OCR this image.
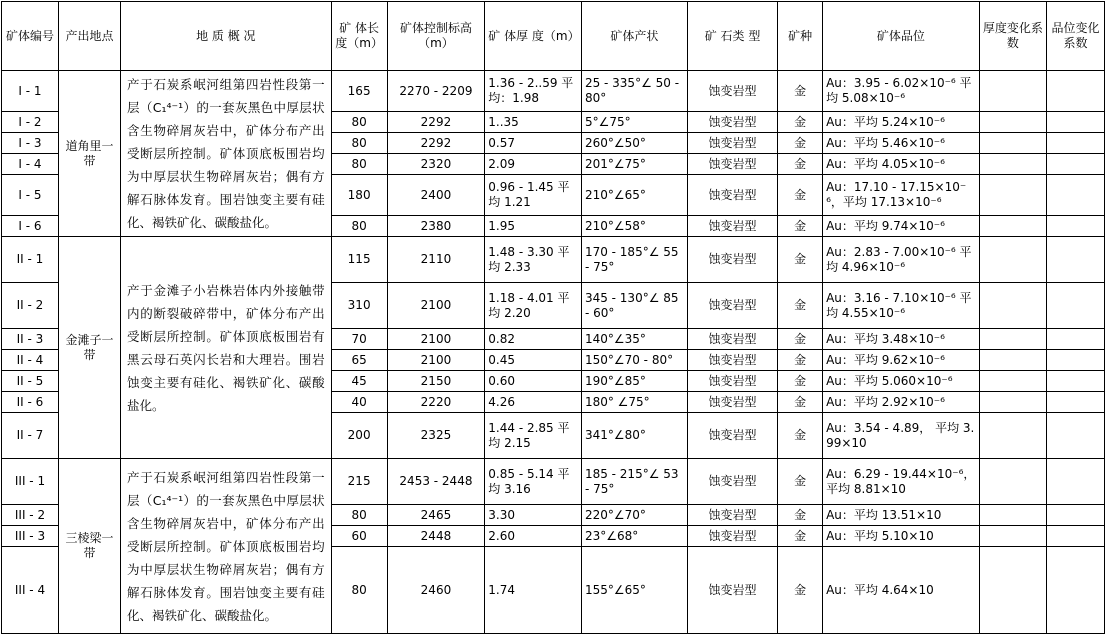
矿体编号	产出地点	地 质 概 况	矿 体长 度（m）	矿体控制标高（m）	矿 体厚 度（m）	矿体产状	矿 石类 型	矿种	矿体品位	厚度变化系数	品位变化系数
I - 1	道角里一带	产于石炭系岷河组第四岩性段第一层（C₁⁴⁻¹）的一套灰黑色中厚层状含生物碎屑灰岩中，矿体分布产出受断层所控制。矿体顶底板围岩均为中厚层状生物碎屑灰岩；偶有方解石脉体发育。围岩蚀变主要有硅化、褐铁矿化、碳酸盐化。	165	2270 - 2209	1.36 - 2..59 平均：1.98	25 - 335°∠ 50 - 80°	蚀变岩型	金	Au：3.95 - 6.02×10⁻⁶ 平均 5.08×10⁻⁶		
I - 2			80	2292	1..35	5°∠75°	蚀变岩型	金	Au：平均 5.24×10⁻⁶		
I - 3			80	2292	0.57	260°∠50°	蚀变岩型	金	Au：平均 5.46×10⁻⁶		
I - 4			80	2320	2.09	201°∠75°	蚀变岩型	金	Au：平均 4.05×10⁻⁶		
I - 5			180	2400	0.96 - 1.45 平均 1.21	210°∠65°	蚀变岩型	金	Au：17.10 - 17.15×10⁻⁶，平均 17.13×10⁻⁶		
I - 6			80	2380	1.95	210°∠58°	蚀变岩型	金	Au：平均 9.74×10⁻⁶		
II - 1	金滩子一带	产于金滩子小岩株岩体内外接触带内的断裂破碎带中，矿体分布产出受断层所控制。矿体顶底板围岩有黑云母石英闪长岩和大理岩。围岩蚀变主要有硅化、褐铁矿化、碳酸盐化。	115	2110	1.48 - 3.30 平均 2.33	170 - 185°∠ 55 - 75°	蚀变岩型	金	Au：2.83 - 7.00×10⁻⁶ 平均 4.96×10⁻⁶		
II - 2			310	2100	1.18 - 4.01 平均 2.20	345 - 130°∠ 85 - 60°	蚀变岩型	金	Au：3.16 - 7.10×10⁻⁶ 平均 4.55×10⁻⁶		
II - 3			70	2100	0.82	140°∠35°	蚀变岩型	金	Au：平均 3.48×10⁻⁶		
II - 4			65	2100	0.45	150°∠70 - 80°	蚀变岩型	金	Au：平均 9.62×10⁻⁶		
II - 5			45	2150	0.60	190°∠85°	蚀变岩型	金	Au：平均 5.060×10⁻⁶		
II - 6			40	2220	4.26	180° ∠75°	蚀变岩型	金	Au：平均 2.92×10⁻⁶		
II - 7			200	2325	1.44 - 2.85 平均 2.15	341°∠80°	蚀变岩型	金	Au：3.54 - 4.89， 平均 3.99×10		
III - 1	三棱梁一带	产于石炭系岷河组第四岩性段第一层（C₁⁴⁻¹）的一套灰黑色中厚层状含生物碎屑灰岩中，矿体分布产出受断层所控制。矿体顶底板围岩均为中厚层状生物碎屑灰岩；偶有方解石脉体发育。围岩蚀变主要有硅化、褐铁矿化、碳酸盐化。	215	2453 - 2448	0.85 - 5.14 平均 3.16	185 - 215°∠ 53 - 75°	蚀变岩型	金	Au：6.29 - 19.44×10⁻⁶， 平均 8.81×10		
III - 2			80	2465	3.30	220°∠70°	蚀变岩型	金	Au：平均 13.51×10		
III - 3			60	2448	2.60	23°∠68°	蚀变岩型	金	Au：平均 5.10×10		
III - 4			80	2460	1.74	155°∠65°	蚀变岩型	金	Au：平均 4.64×10		
